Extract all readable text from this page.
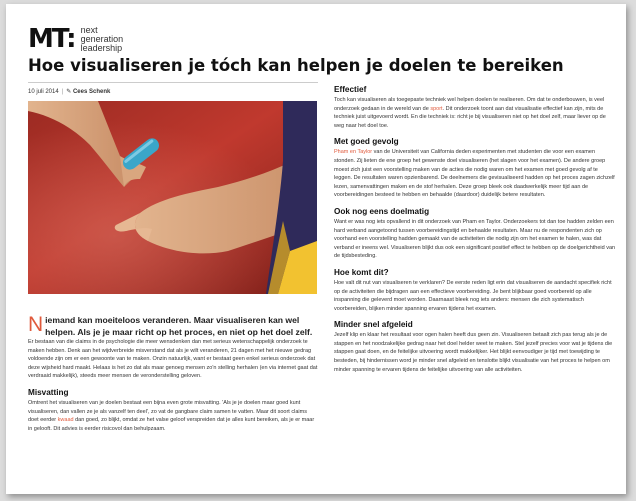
MT: next
generation
leadership
Hoe visualiseren je tóch kan helpen je doelen te bereiken
10 juli 2014 | ✎ Cees Schenk

Niemand kan moeiteloos veranderen. Maar visualiseren kan wel helpen. Als je je maar richt op het proces, en niet op het doel zelf.

Er bestaan van die claims in de psychologie die meer wensdenken dan met serieus wetenschappelijk onderzoek te maken hebben. Denk aan het wijdverbreide misverstand dat als je wilt veranderen, 21 dagen met het nieuwe gedrag voldoende zijn om er een gewoonte van te maken. Onzin natuurlijk, want er bestaat geen enkel serieus onderzoek dat deze wijsheid hard maakt. Helaas is het zo dat als maar genoeg mensen zo'n stelling herhalen (en via internet gaat dat verdraaid makkelijk), steeds meer mensen de veronderstelling geloven.

Misvatting

Omtrent het visualiseren van je doelen bestaat een bijna even grote misvatting. 'Als je je doelen maar goed kunt visualiseren, dan vallen ze je als vanzelf ten deel', zo vat de gangbare claim samen te vatten. Maar dit soort claims doet eerder kwaad dan goed, zo blijkt, omdat ze het valse geloof verspreiden dat je alles kunt bereiken, als je er maar in gelooft. Dit advies is eerder risicovol dan behulpzaam.

Effectief

Toch kan visualiseren als toegepaste techniek wel helpen doelen te realiseren. Om dat te onderbouwen, is veel onderzoek gedaan in de wereld van de sport. Dit onderzoek toont aan dat visualisatie effectief kan zijn, mits de techniek juist uitgevoerd wordt. En die techniek is: richt je bij visualiseren niet op het doel zelf, maar liever op de weg naar het doel toe.

Met goed gevolg

Pham en Taylor van de Universiteit van California deden experimenten met studenten die voor een examen stonden. Zij lieten de ene groep het gewenste doel visualiseren (het slagen voor het examen). De andere groep moest zich juist een voorstelling maken van de acties die nodig waren om het examen met goed gevolg af te leggen. De resultaten waren opzienbarend. De deelnemers die gevisualiseerd hadden op het proces zagen zichzelf lezen, samenvattingen maken en de stof herhalen. Deze groep bleek ook daadwerkelijk meer tijd aan de voorbereidingen besteed te hebben en behaalde (daardoor) duidelijk betere resultaten.

Ook nog eens doelmatig

Want er was nog iets opvallend in dit onderzoek van Pham en Taylor. Onderzoekers tot dan toe hadden zelden een hard verband aangetoond tussen voorbereidingstijd en behaalde resultaten. Maar nu de respondenten zich op voorhand een voorstelling hadden gemaakt van de activiteiten die nodig zijn om het examen te halen, was dat verband er ineens wel. Visualiseren blijkt dus ook een significant positief effect te hebben op de doelgerichtheid van de tijdsbesteding.

Hoe komt dit?

Hoe valt dit nut van visualiseren te verklaren? De eerste reden ligt erin dat visualiseren de aandacht specifiek richt op de activiteiten die bijdragen aan een effectieve voorbereiding. Je bent blijkbaar goed voorbereid op alle inspanning die geleverd moet worden. Daarnaast bleek nog iets anders: mensen die zich systematisch voorbereiden, blijken minder spanning ervaren tijdens het examen.

Minder snel afgeleid

Jezelf klip en klaar het resultaat voor ogen halen heeft dus geen zin. Visualiseren betaalt zich pas terug als je de stappen en het noodzakelijke gedrag naar het doel helder weet te maken. Stel jezelf precies voor wat je tijdens die stappen gaat doen, en de feitelijke uitvoering wordt makkelijker. Het blijkt eenvoudiger je tijd met toewijding te besteden, bij hindernissen word je minder snel afgeleid en tenslotte blijkt visualisatie van het proces te helpen om minder spanning te ervaren tijdens de feitelijke uitvoering van alle activiteiten.
